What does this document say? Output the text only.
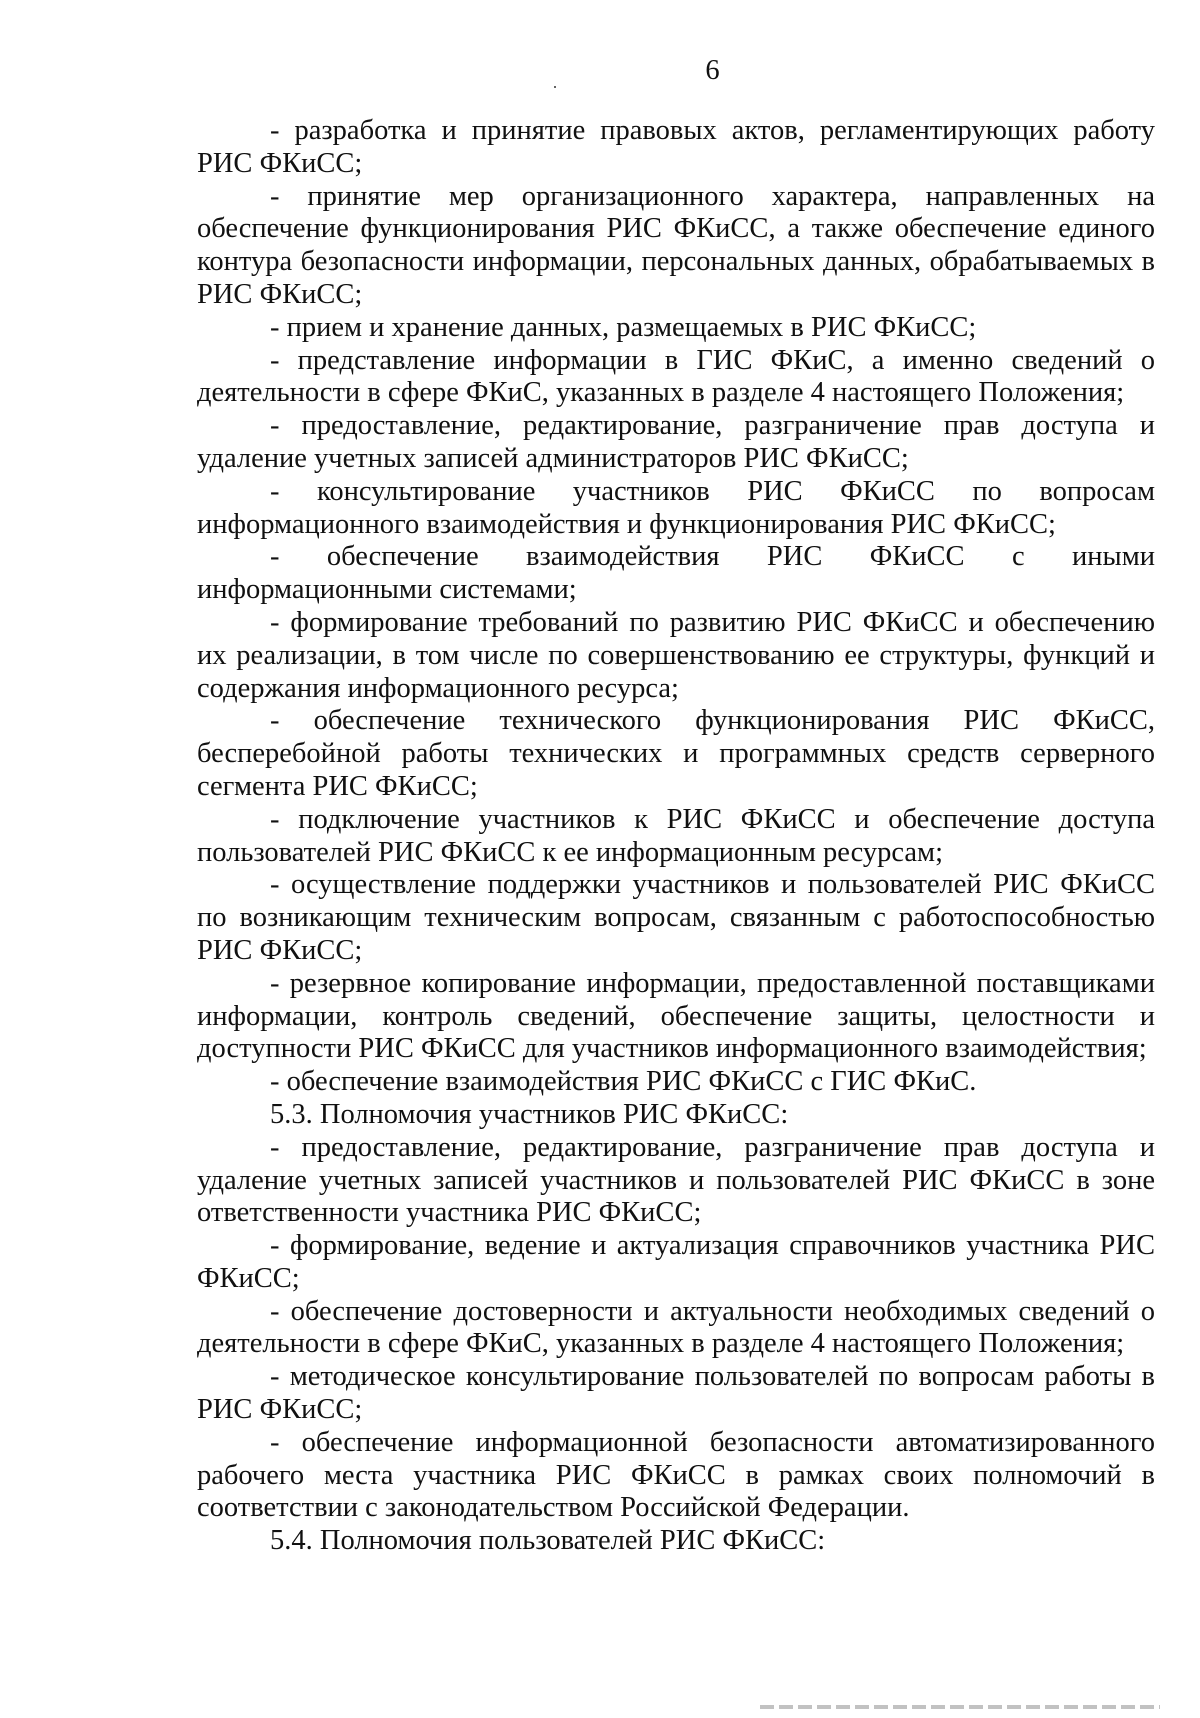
6

- разработка и принятие правовых актов, регламентирующих работу РИС ФКиСС;

- принятие мер организационного характера, направленных на обеспечение функционирования РИС ФКиСС, а также обеспечение единого контура безопасности информации, персональных данных, обрабатываемых в РИС ФКиСС;

- прием и хранение данных, размещаемых в РИС ФКиСС;

- представление информации в ГИС ФКиС, а именно сведений о деятельности в сфере ФКиС, указанных в разделе 4 настоящего Положения;

- предоставление, редактирование, разграничение прав доступа и удаление учетных записей администраторов РИС ФКиСС;

- консультирование участников РИС ФКиСС по вопросам информационного взаимодействия и функционирования РИС ФКиСС;

- обеспечение взаимодействия РИС ФКиСС с иными информационными системами;

- формирование требований по развитию РИС ФКиСС и обеспечению их реализации, в том числе по совершенствованию ее структуры, функций и содержания информационного ресурса;

- обеспечение технического функционирования РИС ФКиСС, бесперебойной работы технических и программных средств серверного сегмента РИС ФКиСС;

- подключение участников к РИС ФКиСС и обеспечение доступа пользователей РИС ФКиСС к ее информационным ресурсам;

- осуществление поддержки участников и пользователей РИС ФКиСС по возникающим техническим вопросам, связанным с работоспособностью РИС ФКиСС;

- резервное копирование информации, предоставленной поставщиками информации, контроль сведений, обеспечение защиты, целостности и доступности РИС ФКиСС для участников информационного взаимодействия;

- обеспечение взаимодействия РИС ФКиСС с ГИС ФКиС.

5.3. Полномочия участников РИС ФКиСС:

- предоставление, редактирование, разграничение прав доступа и удаление учетных записей участников и пользователей РИС ФКиСС в зоне ответственности участника РИС ФКиСС;

- формирование, ведение и актуализация справочников участника РИС ФКиСС;

- обеспечение достоверности и актуальности необходимых сведений о деятельности в сфере ФКиС, указанных в разделе 4 настоящего Положения;

- методическое консультирование пользователей по вопросам работы в РИС ФКиСС;

- обеспечение информационной безопасности автоматизированного рабочего места участника РИС ФКиСС в рамках своих полномочий в соответствии с законодательством Российской Федерации.

5.4. Полномочия пользователей РИС ФКиСС:
